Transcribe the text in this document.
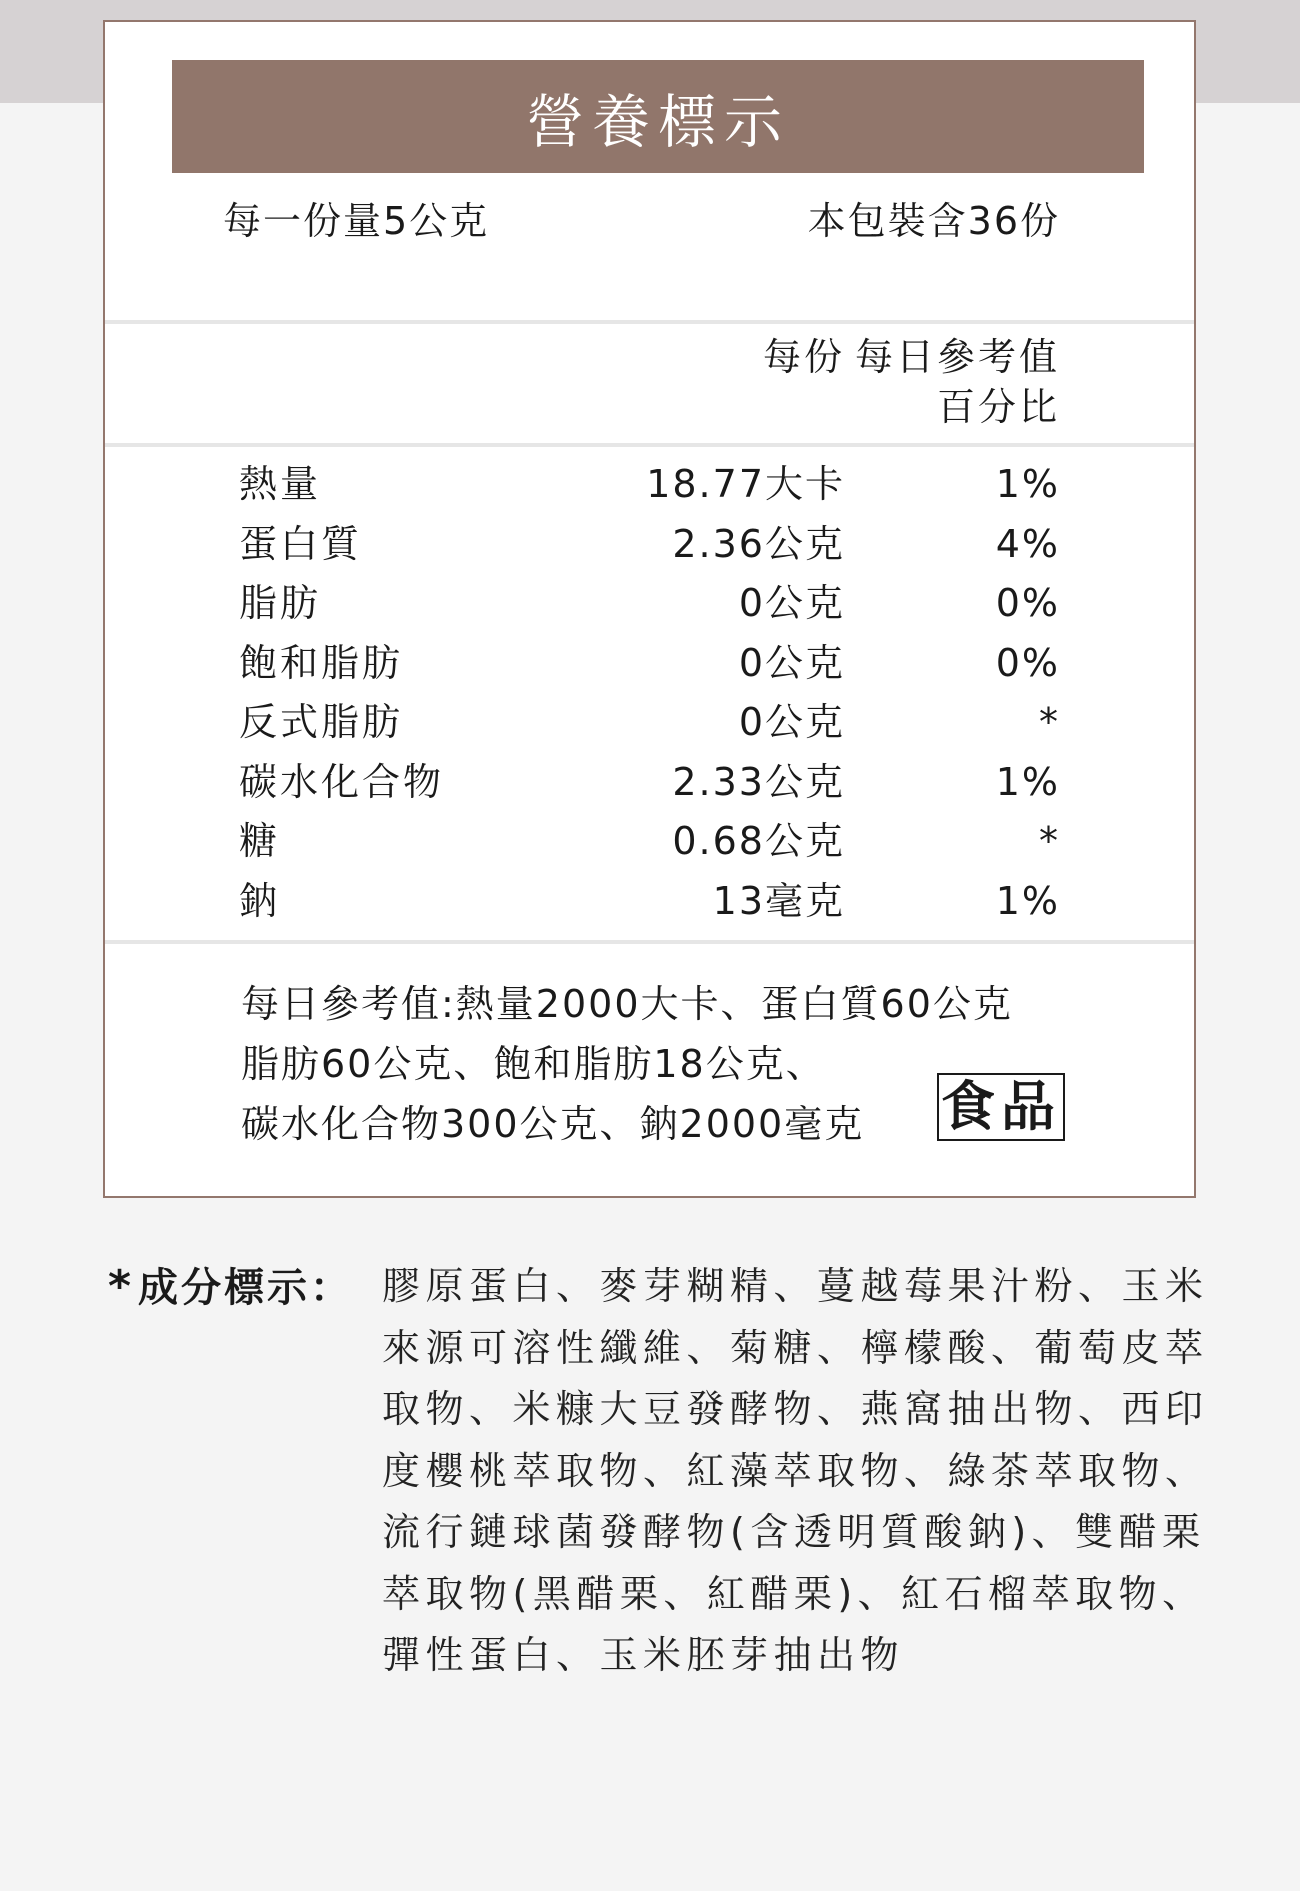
營養標示
每一份量5公克	本包裝含36份
每份 每日參考值
百分比
熱量	18.77大卡	1%
蛋白質	2.36公克	4%
脂肪	0公克	0%
飽和脂肪	0公克	0%
反式脂肪	0公克	*
碳水化合物	2.33公克	1%
糖	0.68公克	*
鈉	13毫克	1%
每日參考值:熱量2000大卡、蛋白質60公克
脂肪60公克、飽和脂肪18公克、
碳水化合物300公克、鈉2000毫克	食品
* 成分標示： 膠原蛋白、麥芽糊精、蔓越莓果汁粉、玉米
來源可溶性纖維、菊糖、檸檬酸、葡萄皮萃
取物、米糠大豆發酵物、燕窩抽出物、西印
度櫻桃萃取物、紅藻萃取物、綠茶萃取物、
流行鏈球菌發酵物(含透明質酸鈉)、雙醋栗
萃取物(黑醋栗、紅醋栗)、紅石榴萃取物、
彈性蛋白、玉米胚芽抽出物
